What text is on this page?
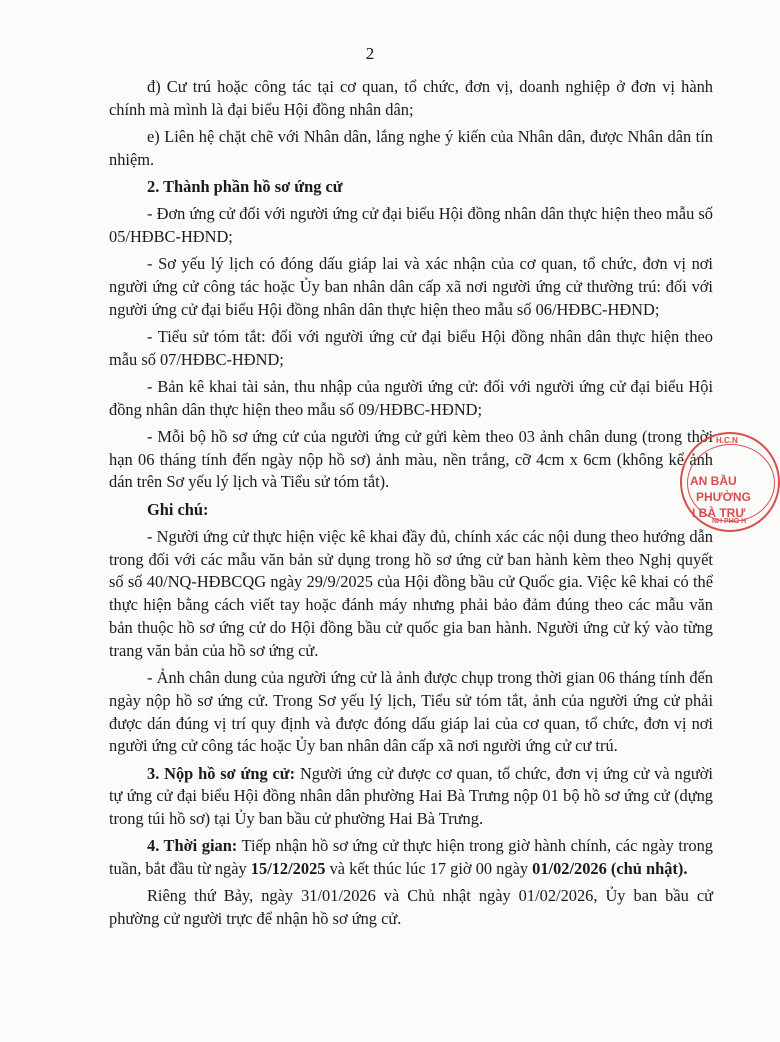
2

đ) Cư trú hoặc công tác tại cơ quan, tổ chức, đơn vị, doanh nghiệp ở đơn vị hành chính mà mình là đại biểu Hội đồng nhân dân;

e) Liên hệ chặt chẽ với Nhân dân, lắng nghe ý kiến của Nhân dân, được Nhân dân tín nhiệm.

2. Thành phần hồ sơ ứng cử

- Đơn ứng cử đối với người ứng cử đại biểu Hội đồng nhân dân thực hiện theo mẫu số 05/HĐBC-HĐND;

- Sơ yếu lý lịch có đóng dấu giáp lai và xác nhận của cơ quan, tổ chức, đơn vị nơi người ứng cử công tác hoặc Ủy ban nhân dân cấp xã nơi người ứng cử thường trú: đối với người ứng cử đại biểu Hội đồng nhân dân thực hiện theo mẫu số 06/HĐBC-HĐND;

- Tiểu sử tóm tắt: đối với người ứng cử đại biểu Hội đồng nhân dân thực hiện theo mẫu số 07/HĐBC-HĐND;

- Bản kê khai tài sản, thu nhập của người ứng cử: đối với người ứng cử đại biểu Hội đồng nhân dân thực hiện theo mẫu số 09/HĐBC-HĐND;

- Mỗi bộ hồ sơ ứng cử của người ứng cử gửi kèm theo 03 ảnh chân dung (trong thời hạn 06 tháng tính đến ngày nộp hồ sơ) ảnh màu, nền trắng, cỡ 4cm x 6cm (không kể ảnh dán trên Sơ yếu lý lịch và Tiểu sử tóm tắt).

Ghi chú:

- Người ứng cử thực hiện việc kê khai đầy đủ, chính xác các nội dung theo hướng dẫn trong đối với các mẫu văn bản sử dụng trong hồ sơ ứng cử ban hành kèm theo Nghị quyết số số 40/NQ-HĐBCQG ngày 29/9/2025 của Hội đồng bầu cử Quốc gia. Việc kê khai có thể thực hiện bằng cách viết tay hoặc đánh máy nhưng phải bảo đảm đúng theo các mẫu văn bản thuộc hồ sơ ứng cử do Hội đồng bầu cử quốc gia ban hành. Người ứng cử ký vào từng trang văn bản của hồ sơ ứng cử.

- Ảnh chân dung của người ứng cử là ảnh được chụp trong thời gian 06 tháng tính đến ngày nộp hồ sơ ứng cử. Trong Sơ yếu lý lịch, Tiểu sử tóm tắt, ảnh của người ứng cử phải được dán đúng vị trí quy định và được đóng dấu giáp lai của cơ quan, tổ chức, đơn vị nơi người ứng cử công tác hoặc Ủy ban nhân dân cấp xã nơi người ứng cử cư trú.

3. Nộp hồ sơ ứng cử: Người ứng cử được cơ quan, tổ chức, đơn vị ứng cử và người tự ứng cử đại biểu Hội đồng nhân dân phường Hai Bà Trưng nộp 01 bộ hồ sơ ứng cử (dựng trong túi hồ sơ) tại Ủy ban bầu cử phường Hai Bà Trưng.

4. Thời gian: Tiếp nhận hồ sơ ứng cử thực hiện trong giờ hành chính, các ngày trong tuần, bắt đầu từ ngày 15/12/2025 và kết thúc lúc 17 giờ 00 ngày 01/02/2026 (chủ nhật).

Riêng thứ Bảy, ngày 31/01/2026 và Chủ nhật ngày 01/02/2026, Ủy ban bầu cử phường cử người trực để nhận hồ sơ ứng cử.

H.C.N
AN BẦU
PHƯỜNG
I BÀ TRƯ
NH PHỐ H
